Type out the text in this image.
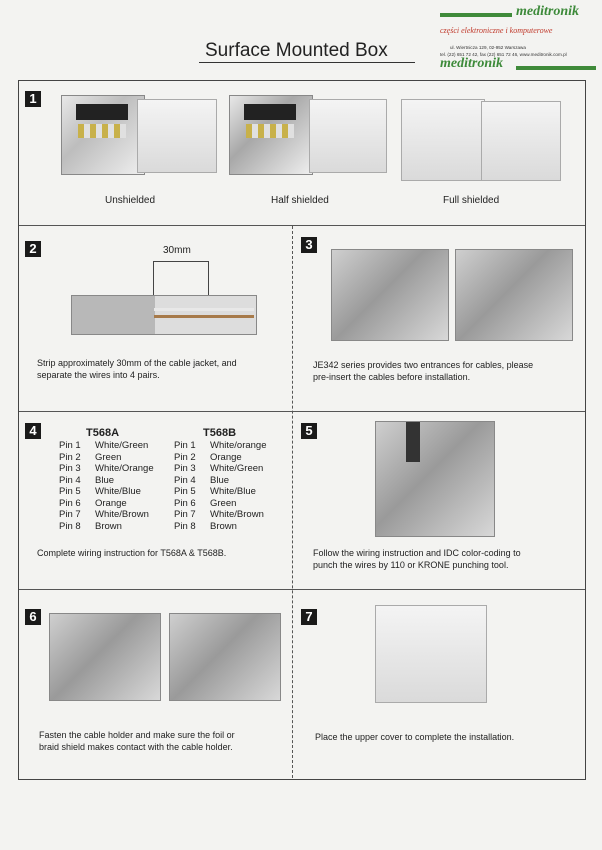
Surface Mounted Box
meditronik
części elektroniczne i komputerowe
ul. Wiertnicza 129, 02-952 Warszawa
tel. (22) 651 72 42, fax (22) 651 72 46, www.meditronik.com.pl
meditronik
1
Unshielded	Half shielded	Full shielded
2	30mm
Strip approximately 30mm of the cable jacket, and
separate the wires into 4 pairs.
3
JE342 series provides two entrances for cables, please
pre-insert the cables before installation.
4	T568A	T568B
Pin 1 White/Green
Pin 2 Green
Pin 3 White/Orange
Pin 4 Blue
Pin 5 White/Blue
Pin 6 Orange
Pin 7 White/Brown
Pin 8 Brown
Pin 1 White/orange
Pin 2 Orange
Pin 3 White/Green
Pin 4 Blue
Pin 5 White/Blue
Pin 6 Green
Pin 7 White/Brown
Pin 8 Brown
Complete wiring instruction for T568A & T568B.
5
Follow the wiring instruction and IDC color-coding to
punch the wires by 110 or KRONE punching tool.
6
Fasten the cable holder and make sure the foil or
braid shield makes contact with the cable holder.
7
Place the upper cover to complete the installation.
